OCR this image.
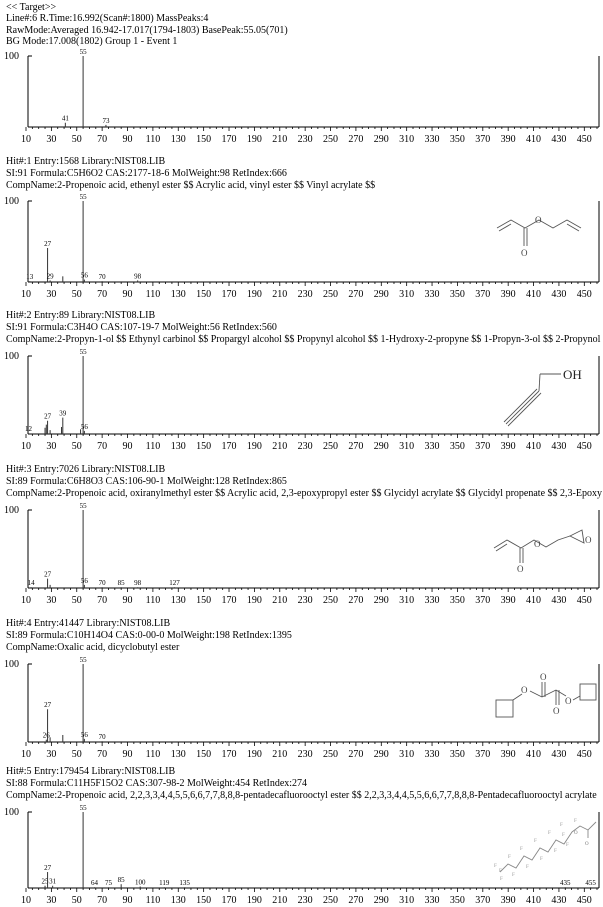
<< Target>>
Line#:6 R.Time:16.992(Scan#:1800) MassPeaks:4
RawMode:Averaged 16.942-17.017(1794-1803) BasePeak:55.05(701)
BG Mode:17.008(1802) Group 1 - Event 1
Hit#:1 Entry:1568 Library:NIST08.LIB
SI:91 Formula:C5H6O2 CAS:2177-18-6 MolWeight:98 RetIndex:666
CompName:2-Propenoic acid, ethenyl ester $$ Acrylic acid, vinyl ester $$ Vinyl acrylate $$
Hit#:2 Entry:89 Library:NIST08.LIB
SI:91 Formula:C3H4O CAS:107-19-7 MolWeight:56 RetIndex:560
CompName:2-Propyn-1-ol $$ Ethynyl carbinol $$ Propargyl alcohol $$ Propynyl alcohol $$ 1-Hydroxy-2-propyne $$ 1-Propyn-3-ol $$ 2-Propynol
Hit#:3 Entry:7026 Library:NIST08.LIB
SI:89 Formula:C6H8O3 CAS:106-90-1 MolWeight:128 RetIndex:865
CompName:2-Propenoic acid, oxiranylmethyl ester $$ Acrylic acid, 2,3-epoxypropyl ester $$ Glycidyl acrylate $$ Glycidyl propenate $$ 2,3-Epoxy
Hit#:4 Entry:41447 Library:NIST08.LIB
SI:89 Formula:C10H14O4 CAS:0-00-0 MolWeight:198 RetIndex:1395
CompName:Oxalic acid, dicyclobutyl ester
Hit#:5 Entry:179454 Library:NIST08.LIB
SI:88 Formula:C11H5F15O2 CAS:307-98-2 MolWeight:454 RetIndex:274
CompName:2-Propenoic acid, 2,2,3,3,4,4,5,5,6,6,7,7,8,8,8-pentadecafluorooctyl ester $$ 2,2,3,3,4,4,5,5,6,6,7,7,8,8,8-Pentadecafluorooctyl acrylate
100
10 30 50 70 90 110 130 150 170 190 210 230 250 270 290 310 330 350 370 390 410 430 450
41
55
73
100
10 30 50 70 90 110 130 150 170 190 210 230 250 270 290 310 330 350 370 390 410 430 450
13
27
29
55
56 70	98
100
10 30 50 70 90 110 130 150 170 190 210 230 250 270 290 310 330 350 370 390 410 430 450
12
27 39
55
56
100
10 30 50 70 90 110 130 150 170 190 210 230 250 270 290 310 330 350 370 390 410 430 450
14
27
55
56 70 85 98	127
100
10 30 50 70 90 110 130 150 170 190 210 230 250 270 290 310 330 350 370 390 410 430 450
26
27
55
56 70
100
10 30 50 70 90 110 130 150 170 190 210 230 250 270 290 310 330 350 370 390 410 430 450
25
27
31
55
64 75 85 100 119 135	435 455
O
O
OH
O
O	O
O
O
O
O
F
F
F
F
F
F
F
F
F
F
F
F
F
F
F
O
O
